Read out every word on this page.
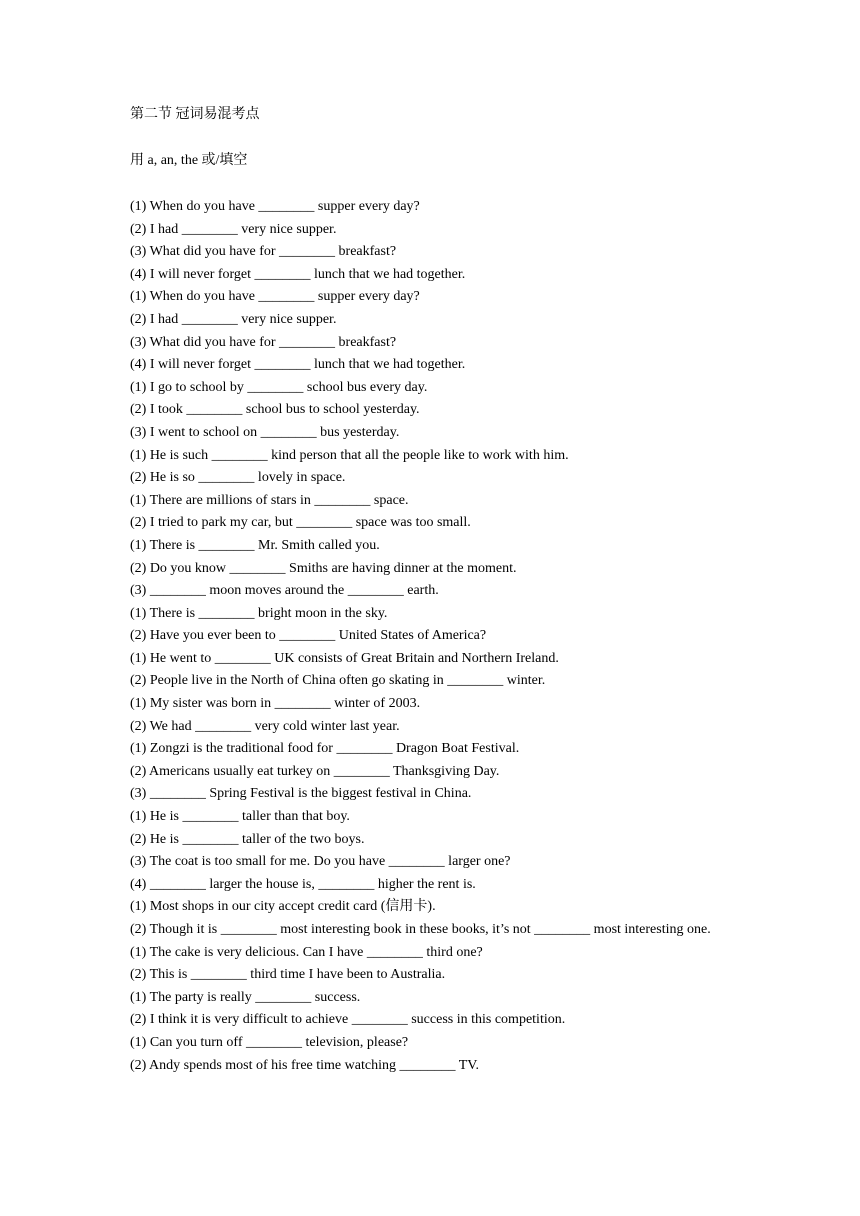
第二节 冠词易混考点
用 a, an, the 或/填空
(1) When do you have ________ supper every day?
(2) I had ________ very nice supper.
(3) What did you have for ________ breakfast?
(4) I will never forget ________ lunch that we had together.
(1) When do you have ________ supper every day?
(2) I had ________ very nice supper.
(3) What did you have for ________ breakfast?
(4) I will never forget ________ lunch that we had together.
(1) I go to school by ________ school bus every day.
(2) I took ________ school bus to school yesterday.
(3) I went to school on ________ bus yesterday.
(1) He is such ________ kind person that all the people like to work with him.
(2) He is so ________ lovely in space.
(1) There are millions of stars in ________ space.
(2) I tried to park my car, but ________ space was too small.
(1) There is ________ Mr. Smith called you.
(2) Do you know ________ Smiths are having dinner at the moment.
(3) ________ moon moves around the ________ earth.
(1) There is ________ bright moon in the sky.
(2) Have you ever been to ________ United States of America?
(1) He went to ________ UK consists of Great Britain and Northern Ireland.
(2) People live in the North of China often go skating in ________ winter.
(1) My sister was born in ________ winter of 2003.
(2) We had ________ very cold winter last year.
(1) Zongzi is the traditional food for ________ Dragon Boat Festival.
(2) Americans usually eat turkey on ________ Thanksgiving Day.
(3) ________ Spring Festival is the biggest festival in China.
(1) He is ________ taller than that boy.
(2) He is ________ taller of the two boys.
(3) The coat is too small for me. Do you have ________ larger one?
(4) ________ larger the house is, ________ higher the rent is.
(1) Most shops in our city accept credit card (信用卡).
(2) Though it is ________ most interesting book in these books, it’s not ________ most interesting one.
(1) The cake is very delicious. Can I have ________ third one?
(2) This is ________ third time I have been to Australia.
(1) The party is really ________ success.
(2) I think it is very difficult to achieve ________ success in this competition.
(1) Can you turn off ________ television, please?
(2) Andy spends most of his free time watching ________ TV.
